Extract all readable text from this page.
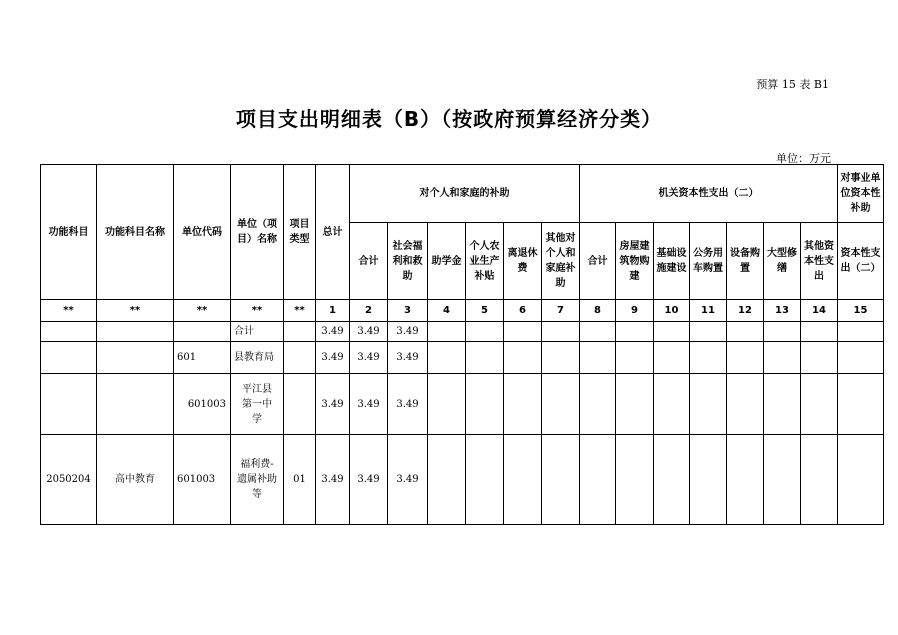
预算 15 表 B1
项目支出明细表（B）（按政府预算经济分类）
单位：万元
功能科目	功能科目名称	单位代码	单位（项目）名称	项目类型	总计	对个人和家庭的补助						机关资本性支出（二）							对事业单位资本性补助
						合计	社会福利和救助	助学金	个人农业生产补贴	离退休费	其他对个人和家庭补助	合计	房屋建筑物购建	基础设施建设	公务用车购置	设备购置	大型修缮	其他资本性支出	资本性支出（二）
**	**	**	**	**	1	2	3	4	5	6	7	8	9	10	11	12	13	14	15
			合计		3.49	3.49	3.49												
		601	县教育局		3.49	3.49	3.49												
		601003	平江县第一中学		3.49	3.49	3.49												
2050204	高中教育	601003	福利费-遗属补助等	01	3.49	3.49	3.49												
